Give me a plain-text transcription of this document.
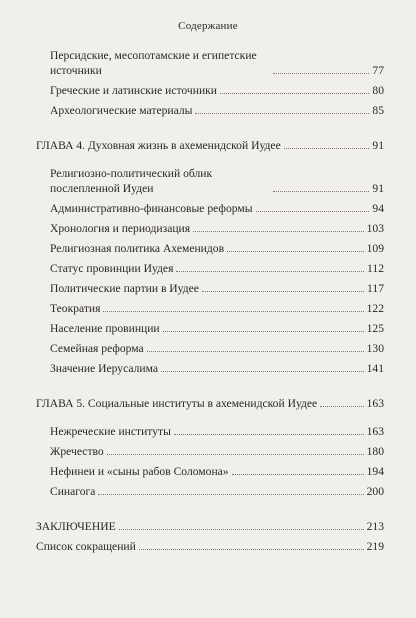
Содержание
Персидские, месопотамские и египетские источники	77
Греческие и латинские источники	80
Археологические материалы	85
ГЛАВА 4. Духовная жизнь в ахеменидской Иудее	91
Религиозно-политический облик послепленной Иудеи	91
Административно-финансовые реформы	94
Хронология и периодизация	103
Религиозная политика Ахеменидов	109
Статус провинции Иудея	112
Политические партии в Иудее	117
Теократия	122
Население провинции	125
Семейная реформа	130
Значение Иерусалима	141
ГЛАВА 5. Социальные институты в ахеменидской Иудее	163
Нежреческие институты	163
Жречество	180
Нефинеи и «сыны рабов Соломона»	194
Синагога	200
ЗАКЛЮЧЕНИЕ	213
Список сокращений	219
